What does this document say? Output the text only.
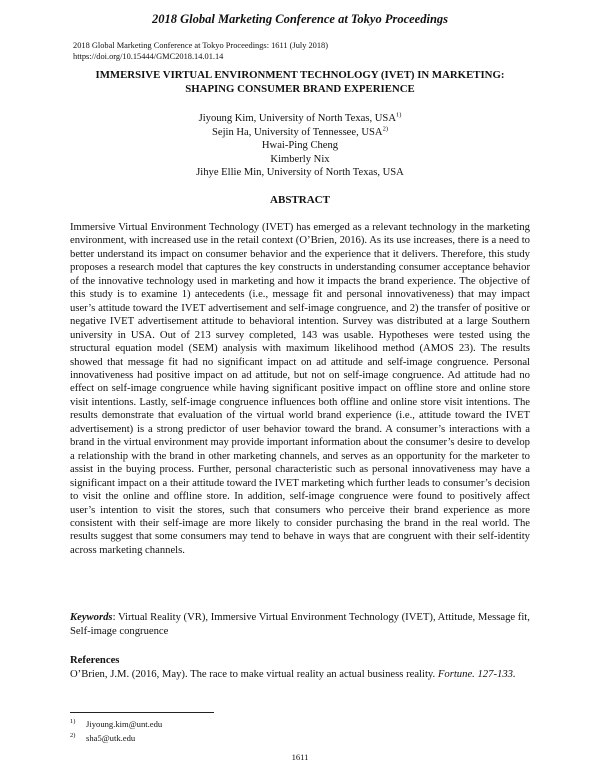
2018 Global Marketing Conference at Tokyo Proceedings
2018 Global Marketing Conference at Tokyo Proceedings: 1611 (July 2018)
https://doi.org/10.15444/GMC2018.14.01.14
IMMERSIVE VIRTUAL ENVIRONMENT TECHNOLOGY (IVET) IN MARKETING:
SHAPING CONSUMER BRAND EXPERIENCE
Jiyoung Kim, University of North Texas, USA$^{1)}$
Sejin Ha, University of Tennessee, USA$^{2)}$
Hwai-Ping Cheng
Kimberly Nix
Jihye Ellie Min, University of North Texas, USA
ABSTRACT

Immersive Virtual Environment Technology (IVET) has emerged as a relevant technology in the marketing environment, with increased use in the retail context (O’Brien, 2016). As its use increases, there is a need to better understand its impact on consumer behavior and the experience that it delivers. Therefore, this study proposes a research model that captures the key constructs in understanding consumer acceptance behavior of the innovative technology used in marketing and how it impacts the brand experience. The objective of this study is to examine 1) antecedents (i.e., message fit and personal innovativeness) that may impact user’s attitude toward the IVET advertisement and self-image congruence, and 2) the transfer of positive or negative IVET advertisement attitude to behavioral intention. Survey was distributed at a large Southern university in USA. Out of 213 survey completed, 143 was usable. Hypotheses were tested using the structural equation model (SEM) analysis with maximum likelihood method (AMOS 23). The results showed that message fit had no significant impact on ad attitude and self-image congruence. Personal innovativeness had positive impact on ad attitude, but not on self-image congruence. Ad attitude had no effect on self-image congruence while having significant positive impact on offline store and online store visit intentions. Lastly, self-image congruence influences both offline and online store visit intentions. The results demonstrate that evaluation of the virtual world brand experience (i.e., attitude toward the IVET advertisement) is a strong predictor of user behavior toward the brand. A consumer’s interactions with a brand in the virtual environment may provide important information about the consumer’s desire to develop a relationship with the brand in other marketing channels, and serves as an opportunity for the marketer to assist in the buying process. Further, personal characteristic such as personal innovativeness may have a significant impact on a their attitude toward the IVET marketing which further leads to consumer’s decision to visit the online and offline store. In addition, self-image congruence were found to positively affect user’s intention to visit the stores, such that consumers who perceive their brand experience as more consistent with their self-image are more likely to consider purchasing the brand in the real world. The results suggest that some consumers may tend to behave in ways that are congruent with their self-identity across marketing channels.

Keywords: Virtual Reality (VR), Immersive Virtual Environment Technology (IVET), Attitude, Message fit, Self-image congruence

References

O’Brien, J.M. (2016, May). The race to make virtual reality an actual business reality. Fortune. 127-133.

1) Jiyoung.kim@unt.edu
2) sha5@utk.edu
1611
